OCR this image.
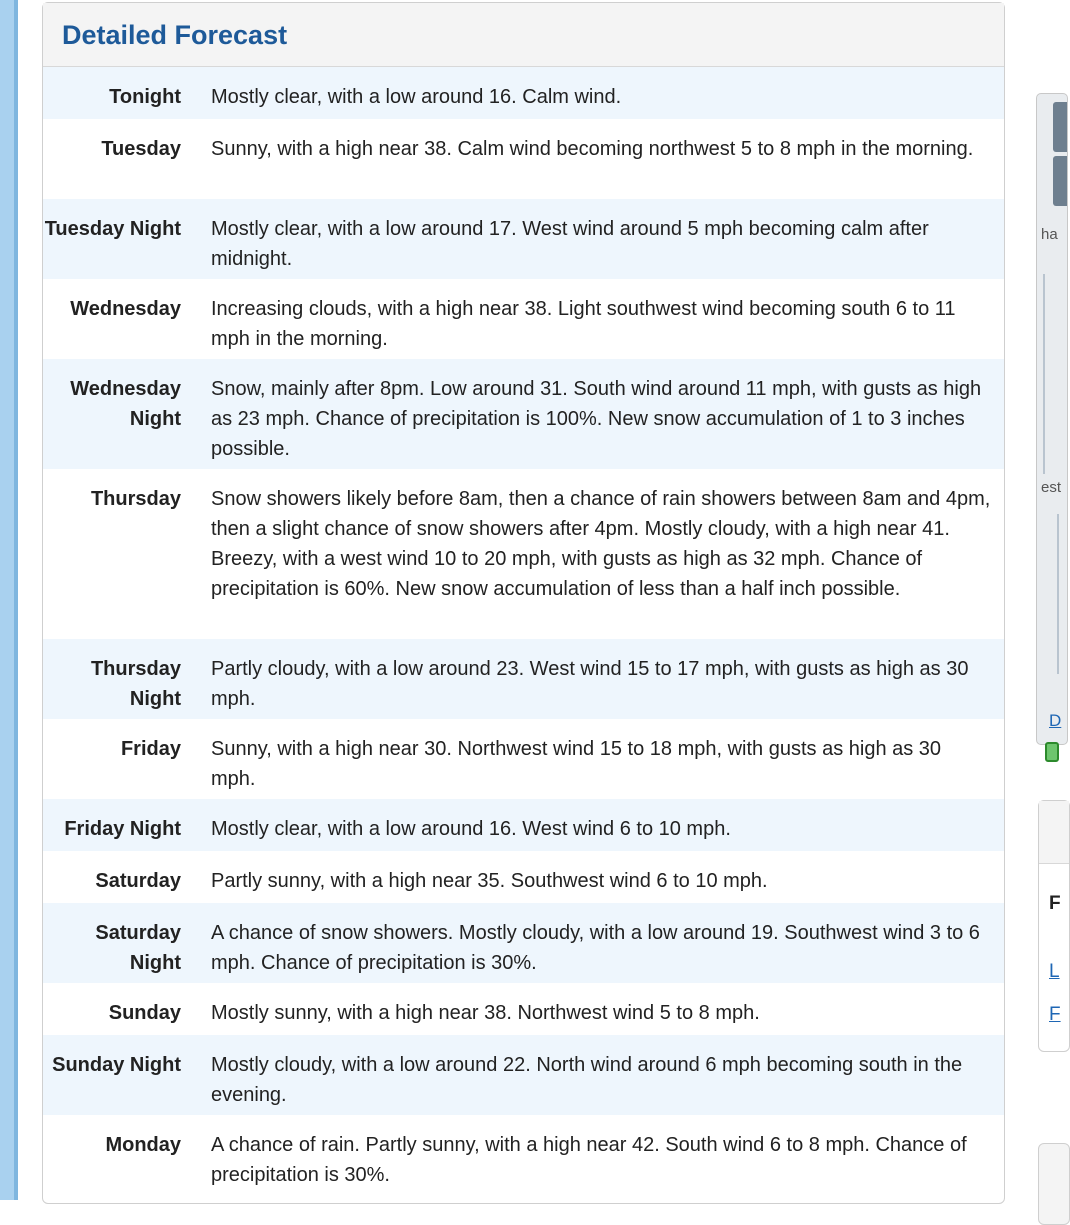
Detailed Forecast
Tonight Mostly clear, with a low around 16. Calm wind.
Tuesday Sunny, with a high near 38. Calm wind becoming northwest 5 to 8 mph in the morning.
Tuesday Night Mostly clear, with a low around 17. West wind around 5 mph becoming calm after midnight.
Wednesday Increasing clouds, with a high near 38. Light southwest wind becoming south 6 to 11 mph in the morning.
Wednesday Night
Snow, mainly after 8pm. Low around 31. South wind around 11 mph, with gusts as high as 23 mph. Chance of precipitation is 100%. New snow accumulation of 1 to 3 inches possible.
Thursday Snow showers likely before 8am, then a chance of rain showers between 8am and 4pm, then a slight chance of snow showers after 4pm. Mostly cloudy, with a high near 41. Breezy, with a west wind 10 to 20 mph, with gusts as high as 32 mph. Chance of precipitation is 60%. New snow accumulation of less than a half inch possible.
Thursday Night
Partly cloudy, with a low around 23. West wind 15 to 17 mph, with gusts as high as 30 mph.
Friday Sunny, with a high near 30. Northwest wind 15 to 18 mph, with gusts as high as 30 mph.
Friday Night Mostly clear, with a low around 16. West wind 6 to 10 mph.
Saturday Partly sunny, with a high near 35. Southwest wind 6 to 10 mph.
Saturday Night
A chance of snow showers. Mostly cloudy, with a low around 19. Southwest wind 3 to 6 mph. Chance of precipitation is 30%.
Sunday Mostly sunny, with a high near 38. Northwest wind 5 to 8 mph.
Sunday Night Mostly cloudy, with a low around 22. North wind around 6 mph becoming south in the evening.
Monday A chance of rain. Partly sunny, with a high near 42. South wind 6 to 8 mph. Chance of precipitation is 30%.
ha
est
D
F
L
F
